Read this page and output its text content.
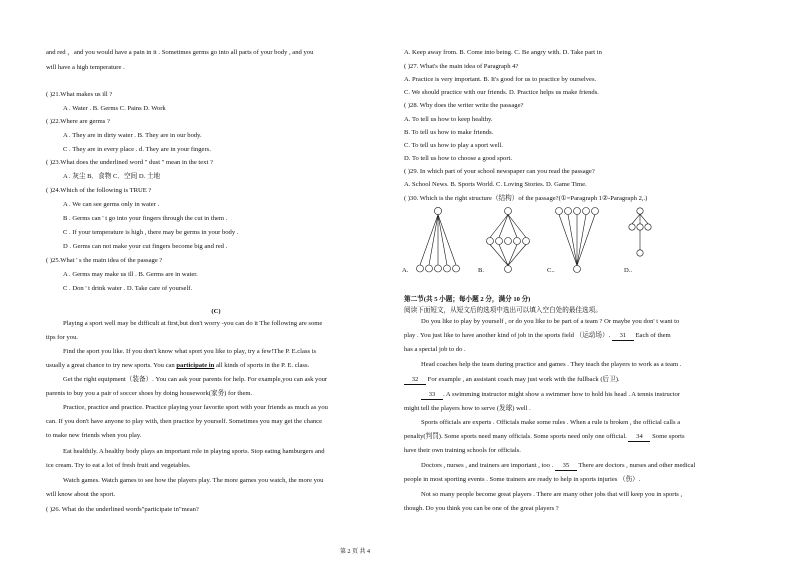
and red ，and you would have a pain in it . Sometimes germs go into all parts of your body , and you
will have a high temperature .
( )21.What makes us ill ?
A . Water . B. Germs C. Pains D. Work
( )22.Where are germs ?
A . They are in dirty water . B. They are in our body.
C . They are in every place . d. They are in your fingers.
( )23.What does the underlined word " dust " mean in the text ?
A . 灰尘 B．食物 C．空间 D. 土地
( )24.Which of the following is TRUE ?
A . We can see germs only in water .
B . Germs can ' t go into your fingers through the cut in them .
C . If your temperature is high , there may be germs in your body .
D . Germs can not make your cut fingers become big and red .
( )25.What ' s the main idea of the passage ?
A . Germs may make us ill . B. Germs are in water.
C . Don ' t drink water . D. Take care of yourself.
(C)
Playing a sport well may be difficult at first,but don't worry -you can do it The following are some
tips for you.
Find the sport you like. If you don't know what sport you like to play, try a few!The P. E.class is
usually a great chance to try new sports. You can participate in all kinds of sports in the P. E. class.
Get the right equipment（装备）. You can ask your parents for help. For example,you can ask your
parents to buy you a pair of soccer shoes by doing housework(家务) for them.
Practice, practice and practice. Practice playing your favorite sport with your friends as much as you
can. If you don't have anyone to play with, then practice by yourself. Sometimes you may get the chance
to make new friends when you play.
Eat healthily. A healthy body plays an important role in playing sports. Stop eating hamburgers and
ice cream. Try to eat a lot of fresh fruit and vegetables.
Watch games. Watch games to see how the players play. The more games you watch, the more you
will know about the sport.
( )26. What do the underlined words"participate in"mean?
A. Keep away from. B. Come into being. C. Be angry with. D. Take part in
( )27. What's the main idea of Paragraph 4?
A. Practice is very important. B. It's good for us to practice by ourselves.
C. We should practice with our friends. D. Practice helps us make friends.
( )28. Why does the writer write the passage?
A. To tell us how to keep healthy.
B. To tell us how to make friends.
C. To tell us how to play a sport well.
D. To tell us how to choose a good sport.
( )29. In which part of your school newspaper can you read the passage?
A. School News. B. Sports World. C. Loving Stories. D. Game Time.
( )30. Which is the right structure（结构）of the passage?(①=Paragraph 1②-Paragraph 2,.)
A.	B.	C..	D..
第二节(共 5 小题；每小题 2 分，满分 10 分)
阅读下面短文，从短文后的选项中选出可以填入空白处的最佳选项。
Do you like to play by yourself , or do you like to be part of a team ? Or maybe you don' t want to
play . You just like to have another kind of job in the sports field （运动场）. 31 Each of them
has a special job to do .
Head coaches help the team during practice and games . They teach the players to work as a team .
32 For example , an assistant coach may just work with the fullback (后卫).
33 . A swimming instructor might show a swimmer how to hold his head . A tennis instructor
might tell the players how to serve (发球) well .
Sports officials are experts . Officials make some rules . When a rule is broken , the official calls a
penalty(判罚). Some sports need many officials. Some sports need only one official. 34 Some sports
have their own training schools for officials.
Doctors , nurses , and trainers are important , too . 35 There are doctors , nurses and other medical
people in most sporting events . Some trainers are ready to help in sports injuries （伤）.
Not so many people become great players . There are many other jobs that will keep you in sports ,
though. Do you think you can be one of the great players ?
第 2 页 共 4
